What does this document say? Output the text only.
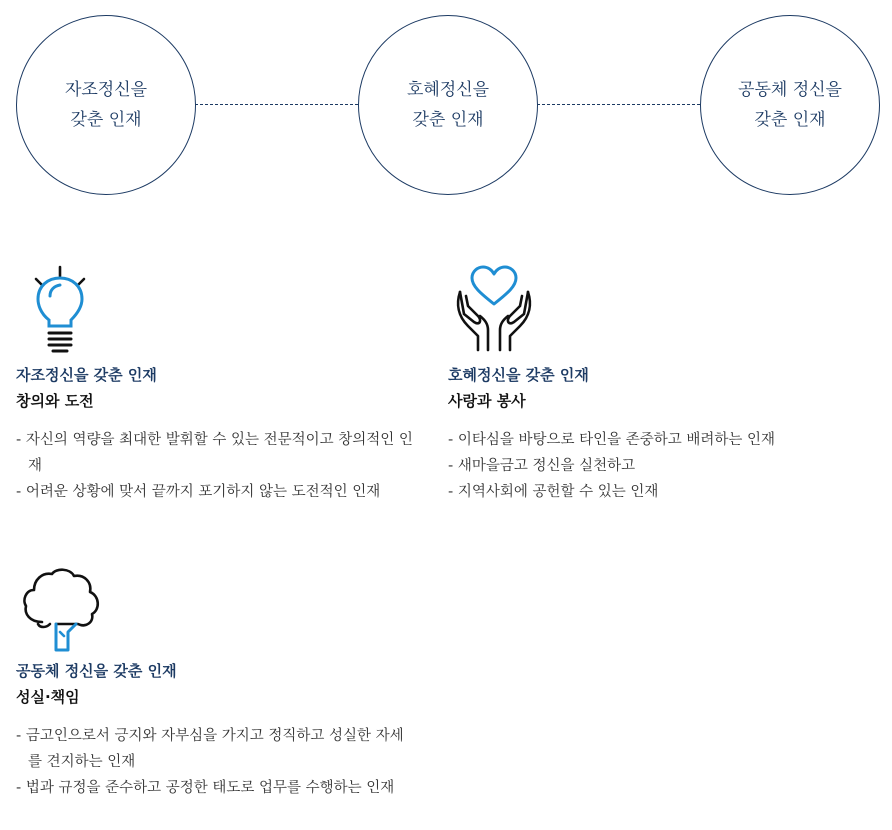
자조정신을
갖춘 인재
호혜정신을
갖춘 인재
공동체 정신을
갖춘 인재
자조정신을 갖춘 인재
창의와 도전
- 자신의 역량을 최대한 발휘할 수 있는 전문적이고 창의적인 인재
- 어려운 상황에 맞서 끝까지 포기하지 않는 도전적인 인재
호혜정신을 갖춘 인재
사랑과 봉사
- 이타심을 바탕으로 타인을 존중하고 배려하는 인재
- 새마을금고 정신을 실천하고
- 지역사회에 공헌할 수 있는 인재
공동체 정신을 갖춘 인재
성실·책임
- 금고인으로서 긍지와 자부심을 가지고 정직하고 성실한 자세를 견지하는 인재
- 법과 규정을 준수하고 공정한 태도로 업무를 수행하는 인재
